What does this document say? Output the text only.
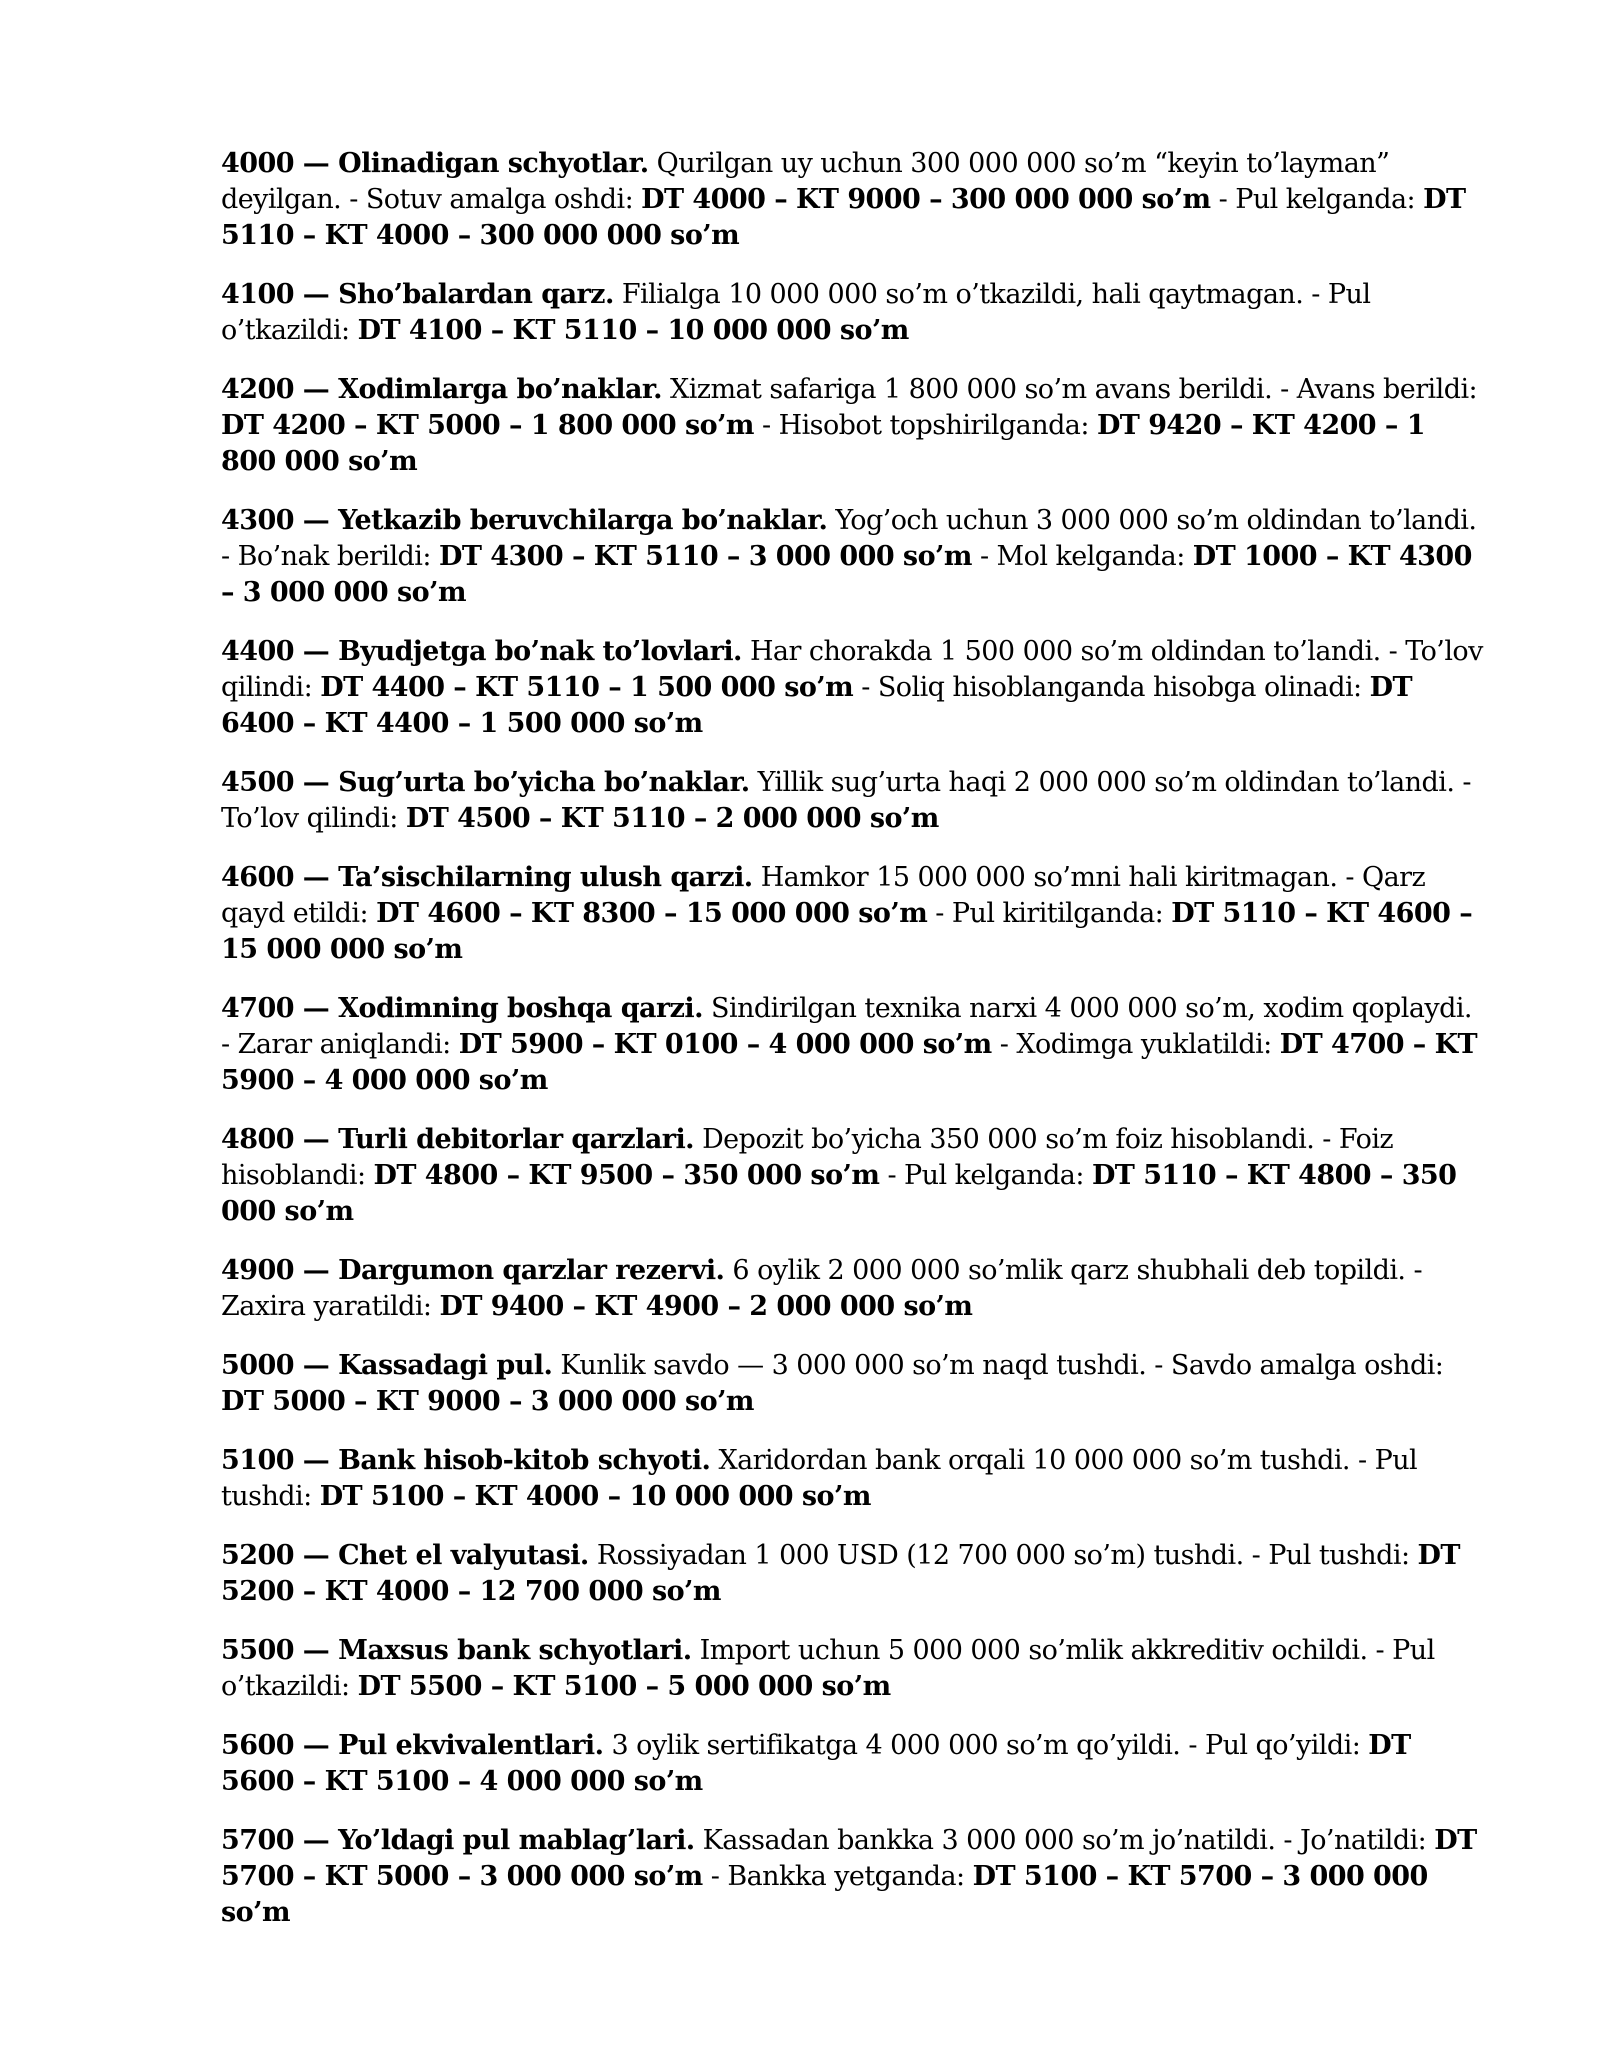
4000 — Olinadigan schyotlar. Qurilgan uy uchun 300 000 000 so’m “keyin to’layman” deyilgan. - Sotuv amalga oshdi: DT 4000 – KT 9000 – 300 000 000 so’m - Pul kelganda: DT 5110 – KT 4000 – 300 000 000 so’m

4100 — Sho’balardan qarz. Filialga 10 000 000 so’m o’tkazildi, hali qaytmagan. - Pul o’tkazildi: DT 4100 – KT 5110 – 10 000 000 so’m

4200 — Xodimlarga bo’naklar. Xizmat safariga 1 800 000 so’m avans berildi. - Avans berildi: DT 4200 – KT 5000 – 1 800 000 so’m - Hisobot topshirilganda: DT 9420 – KT 4200 – 1 800 000 so’m

4300 — Yetkazib beruvchilarga bo’naklar. Yog’och uchun 3 000 000 so’m oldindan to’landi. - Bo’nak berildi: DT 4300 – KT 5110 – 3 000 000 so’m - Mol kelganda: DT 1000 – KT 4300 – 3 000 000 so’m

4400 — Byudjetga bo’nak to’lovlari. Har chorakda 1 500 000 so’m oldindan to’landi. - To’lov qilindi: DT 4400 – KT 5110 – 1 500 000 so’m - Soliq hisoblanganda hisobga olinadi: DT 6400 – KT 4400 – 1 500 000 so’m

4500 — Sug’urta bo’yicha bo’naklar. Yillik sug’urta haqi 2 000 000 so’m oldindan to’landi. - To’lov qilindi: DT 4500 – KT 5110 – 2 000 000 so’m

4600 — Ta’sischilarning ulush qarzi. Hamkor 15 000 000 so’mni hali kiritmagan. - Qarz qayd etildi: DT 4600 – KT 8300 – 15 000 000 so’m - Pul kiritilganda: DT 5110 – KT 4600 – 15 000 000 so’m

4700 — Xodimning boshqa qarzi. Sindirilgan texnika narxi 4 000 000 so’m, xodim qoplaydi. - Zarar aniqlandi: DT 5900 – KT 0100 – 4 000 000 so’m - Xodimga yuklatildi: DT 4700 – KT 5900 – 4 000 000 so’m

4800 — Turli debitorlar qarzlari. Depozit bo’yicha 350 000 so’m foiz hisoblandi. - Foiz hisoblandi: DT 4800 – KT 9500 – 350 000 so’m - Pul kelganda: DT 5110 – KT 4800 – 350 000 so’m

4900 — Dargumon qarzlar rezervi. 6 oylik 2 000 000 so’mlik qarz shubhali deb topildi. - Zaxira yaratildi: DT 9400 – KT 4900 – 2 000 000 so’m

5000 — Kassadagi pul. Kunlik savdo — 3 000 000 so’m naqd tushdi. - Savdo amalga oshdi: DT 5000 – KT 9000 – 3 000 000 so’m

5100 — Bank hisob-kitob schyoti. Xaridordan bank orqali 10 000 000 so’m tushdi. - Pul tushdi: DT 5100 – KT 4000 – 10 000 000 so’m

5200 — Chet el valyutasi. Rossiyadan 1 000 USD (12 700 000 so’m) tushdi. - Pul tushdi: DT 5200 – KT 4000 – 12 700 000 so’m

5500 — Maxsus bank schyotlari. Import uchun 5 000 000 so’mlik akkreditiv ochildi. - Pul o’tkazildi: DT 5500 – KT 5100 – 5 000 000 so’m

5600 — Pul ekvivalentlari. 3 oylik sertifikatga 4 000 000 so’m qo’yildi. - Pul qo’yildi: DT 5600 – KT 5100 – 4 000 000 so’m

5700 — Yo’ldagi pul mablag’lari. Kassadan bankka 3 000 000 so’m jo’natildi. - Jo’natildi: DT 5700 – KT 5000 – 3 000 000 so’m - Bankka yetganda: DT 5100 – KT 5700 – 3 000 000 so’m
